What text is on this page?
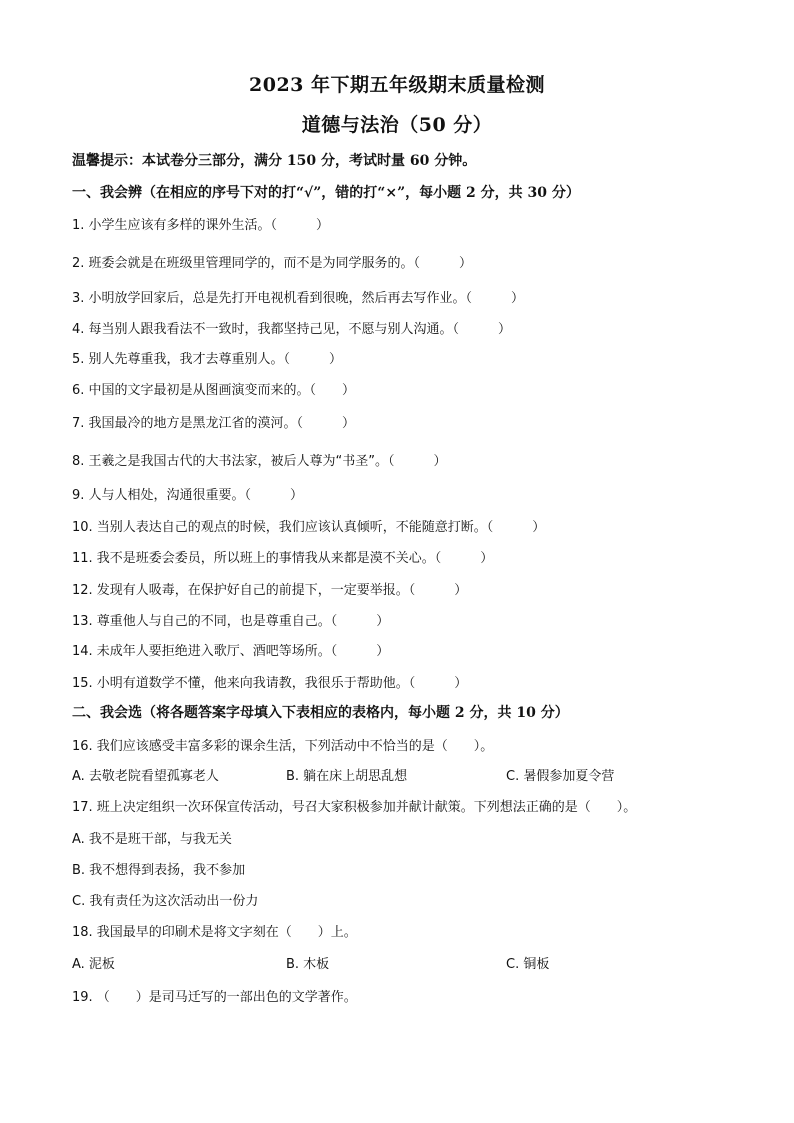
2023 年下期五年级期末质量检测
道德与法治（50 分）
温馨提示：本试卷分三部分，满分 150 分，考试时量 60 分钟。
一、我会辨（在相应的序号下对的打“√”，错的打“×”，每小题 2 分，共 30 分）
1. 小学生应该有多样的课外生活。（　　　）
2. 班委会就是在班级里管理同学的，而不是为同学服务的。（　　　）
3. 小明放学回家后，总是先打开电视机看到很晚，然后再去写作业。（　　　）
4. 每当别人跟我看法不一致时，我都坚持己见，不愿与别人沟通。（　　　）
5. 别人先尊重我，我才去尊重别人。（　　　）
6. 中国的文字最初是从图画演变而来的。（　　）
7. 我国最冷的地方是黑龙江省的漠河。（　　　）
8. 王羲之是我国古代的大书法家，被后人尊为“书圣”。（　　　）
9. 人与人相处，沟通很重要。（　　　）
10. 当别人表达自己的观点的时候，我们应该认真倾听，不能随意打断。（　　　）
11. 我不是班委会委员，所以班上的事情我从来都是漠不关心。（　　　）
12. 发现有人吸毒，在保护好自己的前提下，一定要举报。（　　　）
13. 尊重他人与自己的不同，也是尊重自己。（　　　）
14. 未成年人要拒绝进入歌厅、酒吧等场所。（　　　）
15. 小明有道数学不懂，他来向我请教，我很乐于帮助他。（　　　）
二、我会选（将各题答案字母填入下表相应的表格内，每小题 2 分，共 10 分）
16. 我们应该感受丰富多彩的课余生活，下列活动中不恰当的是（　　）。
A. 去敬老院看望孤寡老人	B. 躺在床上胡思乱想	C. 暑假参加夏令营
17. 班上决定组织一次环保宣传活动，号召大家积极参加并献计献策。下列想法正确的是（　　）。
A. 我不是班干部，与我无关
B. 我不想得到表扬，我不参加
C. 我有责任为这次活动出一份力
18. 我国最早的印刷术是将文字刻在（　　）上。
A. 泥板	B. 木板	C. 铜板
19. （　　）是司马迁写的一部出色的文学著作。
